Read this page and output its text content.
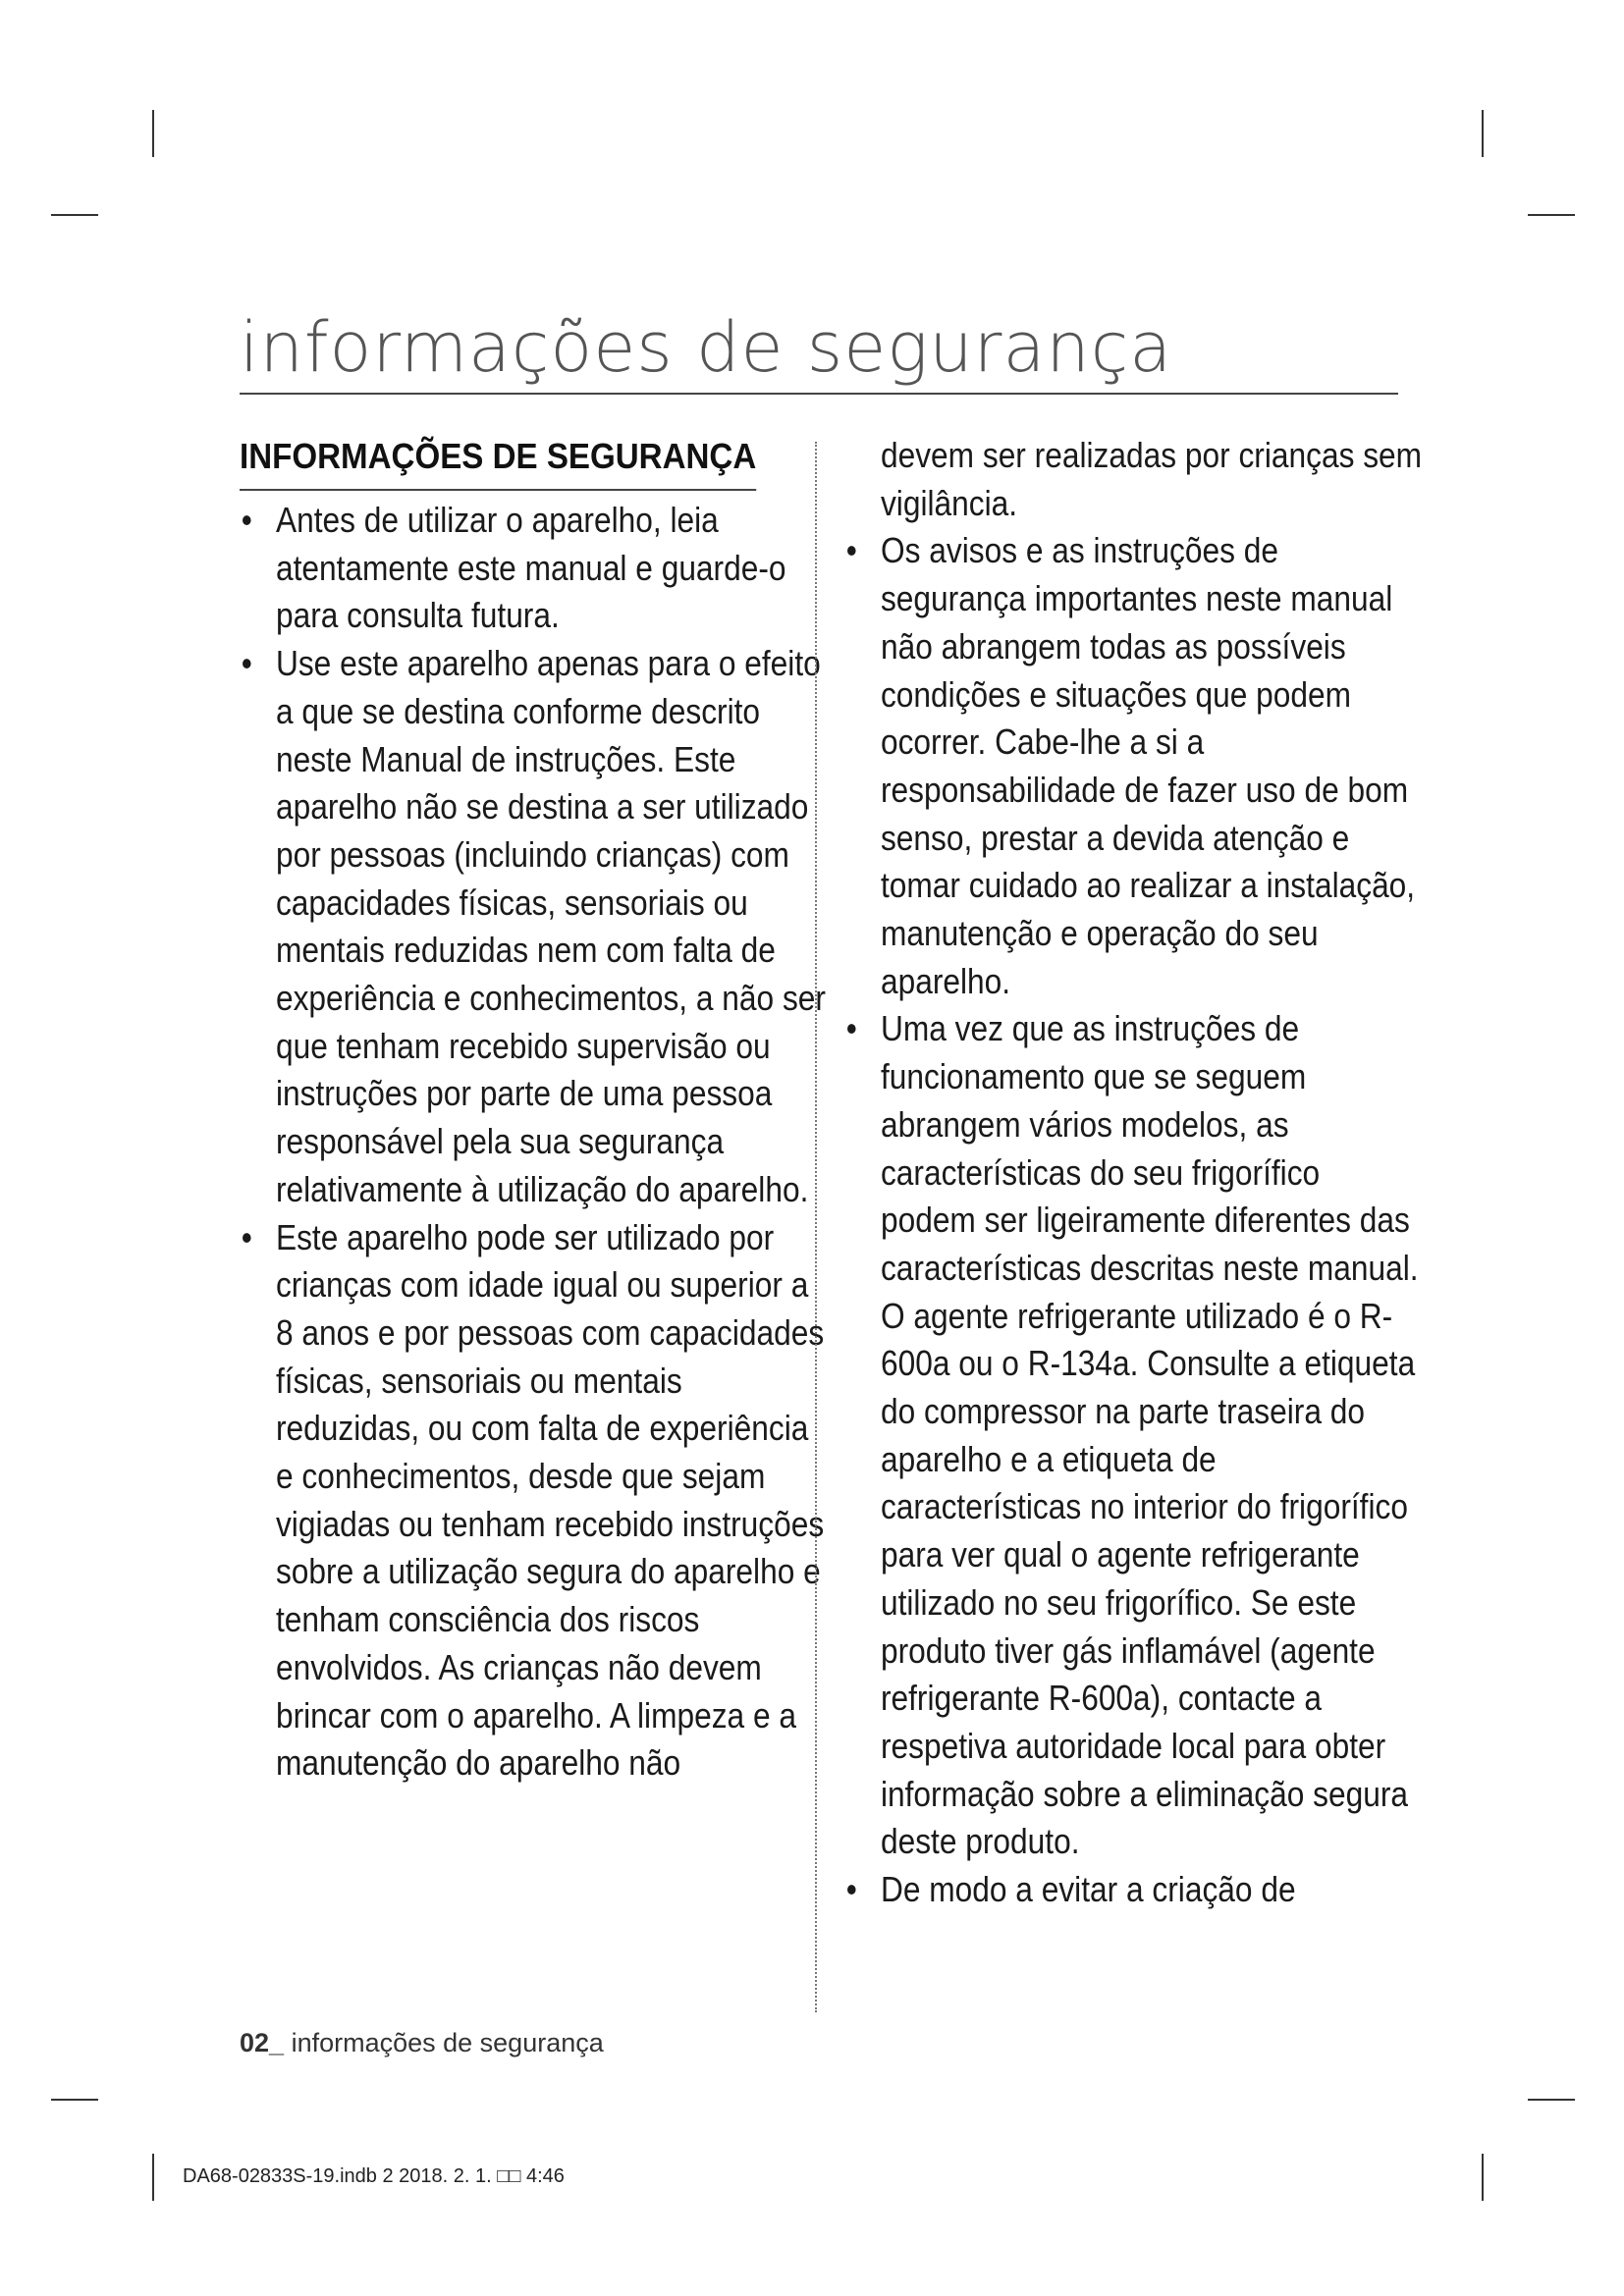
informações de segurança
INFORMAÇÕES DE SEGURANÇA
• Antes de utilizar o aparelho, leia atentamente este manual e guarde-o para consulta futura.
• Use este aparelho apenas para o efeito a que se destina conforme descrito neste Manual de instruções. Este aparelho não se destina a ser utilizado por pessoas (incluindo crianças) com capacidades físicas, sensoriais ou mentais reduzidas nem com falta de experiência e conhecimentos, a não ser que tenham recebido supervisão ou instruções por parte de uma pessoa responsável pela sua segurança relativamente à utilização do aparelho.
• Este aparelho pode ser utilizado por crianças com idade igual ou superior a 8 anos e por pessoas com capacidades físicas, sensoriais ou mentais reduzidas, ou com falta de experiência e conhecimentos, desde que sejam vigiadas ou tenham recebido instruções sobre a utilização segura do aparelho e tenham consciência dos riscos envolvidos. As crianças não devem brincar com o aparelho. A limpeza e a manutenção do aparelho não
devem ser realizadas por crianças sem vigilância.
• Os avisos e as instruções de segurança importantes neste manual não abrangem todas as possíveis condições e situações que podem ocorrer. Cabe-lhe a si a responsabilidade de fazer uso de bom senso, prestar a devida atenção e tomar cuidado ao realizar a instalação, manutenção e operação do seu aparelho.
• Uma vez que as instruções de funcionamento que se seguem abrangem vários modelos, as características do seu frigorífico podem ser ligeiramente diferentes das características descritas neste manual. O agente refrigerante utilizado é o R-600a ou o R-134a. Consulte a etiqueta do compressor na parte traseira do aparelho e a etiqueta de características no interior do frigorífico para ver qual o agente refrigerante utilizado no seu frigorífico. Se este produto tiver gás inflamável (agente refrigerante R-600a), contacte a respetiva autoridade local para obter informação sobre a eliminação segura deste produto.
• De modo a evitar a criação de
02_ informações de segurança
DA68-02833S-19.indb 2 2018. 2. 1. □□ 4:46
